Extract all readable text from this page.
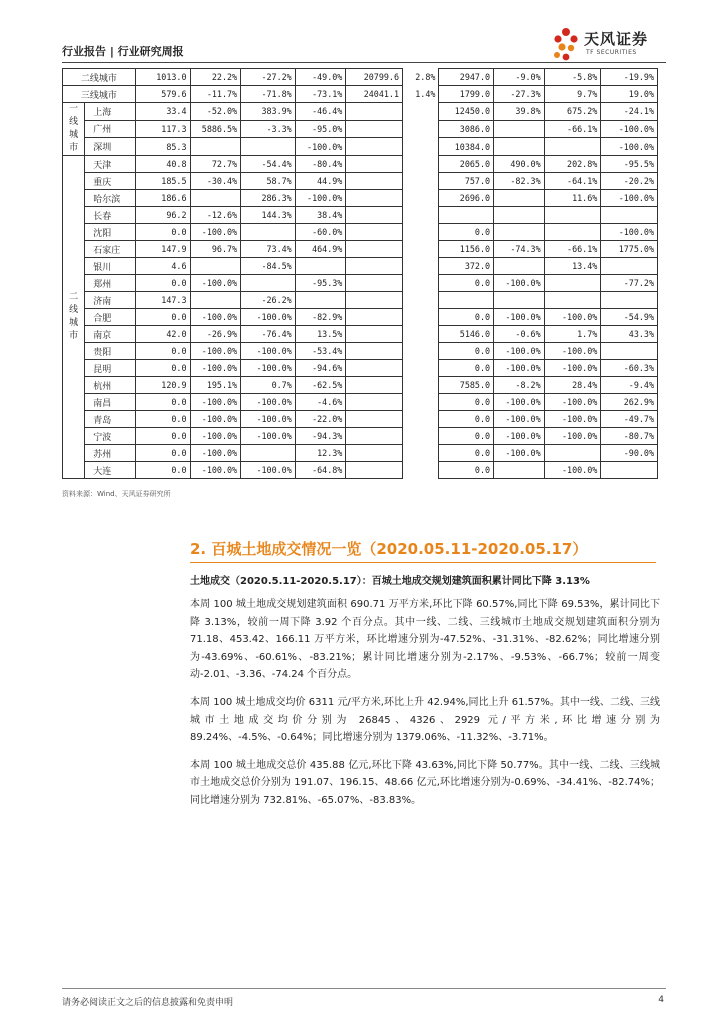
行业报告 | 行业研究周报
天风证券
TF SECURITIES
二线城市		1013.0	22.2%	-27.2%	-49.0%	20799.6	2.8%	2947.0	-9.0%	-5.8%	-19.9%
三线城市		579.6	-11.7%	-71.8%	-73.1%	24041.1	1.4%	1799.0	-27.3%	9.7%	19.0%

一
线
城
市	上海	33.4	-52.0%	383.9%	-46.4%			12450.0	39.8%	675.2%	-24.1%
	广州	117.3	5886.5%	-3.3%	-95.0%			3086.0		-66.1%	-100.0%
	深圳	85.3			-100.0%			10384.0			-100.0%

二
线
城
市	天津	40.8	72.7%	-54.4%	-80.4%			2065.0	490.0%	202.8%	-95.5%
	重庆	185.5	-30.4%	58.7%	44.9%			757.0	-82.3%	-64.1%	-20.2%
	哈尔滨	186.6		286.3%	-100.0%			2696.0		11.6%	-100.0%
	长春	96.2	-12.6%	144.3%	38.4%						
	沈阳	0.0	-100.0%		-60.0%			0.0			-100.0%
	石家庄	147.9	96.7%	73.4%	464.9%			1156.0	-74.3%	-66.1%	1775.0%
	银川	4.6		-84.5%				372.0		13.4%	
	郑州	0.0	-100.0%		-95.3%			0.0	-100.0%		-77.2%
	济南	147.3		-26.2%							
	合肥	0.0	-100.0%	-100.0%	-82.9%			0.0	-100.0%	-100.0%	-54.9%
	南京	42.0	-26.9%	-76.4%	13.5%			5146.0	-0.6%	1.7%	43.3%
	贵阳	0.0	-100.0%	-100.0%	-53.4%			0.0	-100.0%	-100.0%	
	昆明	0.0	-100.0%	-100.0%	-94.6%			0.0	-100.0%	-100.0%	-60.3%
	杭州	120.9	195.1%	0.7%	-62.5%			7585.0	-8.2%	28.4%	-9.4%
	南昌	0.0	-100.0%	-100.0%	-4.6%			0.0	-100.0%	-100.0%	262.9%
	青岛	0.0	-100.0%	-100.0%	-22.0%			0.0	-100.0%	-100.0%	-49.7%
	宁波	0.0	-100.0%	-100.0%	-94.3%			0.0	-100.0%	-100.0%	-80.7%
	苏州	0.0	-100.0%		12.3%			0.0	-100.0%		-90.0%
	大连	0.0	-100.0%	-100.0%	-64.8%			0.0		-100.0%	
资料来源：Wind、天风证券研究所
2. 百城土地成交情况一览（2020.05.11-2020.05.17）
土地成交（2020.5.11-2020.5.17）：百城土地成交规划建筑面积累计同比下降 3.13%

本周 100 城土地成交规划建筑面积 690.71 万平方米,环比下降 60.57%,同比下降 69.53%，累计同比下降 3.13%，较前一周下降 3.92 个百分点。其中一线、二线、三线城市土地成交规划建筑面积分别为 71.18、453.42、166.11 万平方米，环比增速分别为-47.52%、-31.31%、-82.62%；同比增速分别为-43.69%、-60.61%、-83.21%；累计同比增速分别为-2.17%、-9.53%、-66.7%；较前一周变动-2.01、-3.36、-74.24 个百分点。

本周 100 城土地成交均价 6311 元/平方米,环比上升 42.94%,同比上升 61.57%。其中一线、二线、三线城市土地成交均价分别为 26845、4326、2929 元/平方米,环比增速分别为 89.24%、-4.5%、-0.64%；同比增速分别为 1379.06%、-11.32%、-3.71%。

本周 100 城土地成交总价 435.88 亿元,环比下降 43.63%,同比下降 50.77%。其中一线、二线、三线城市土地成交总价分别为 191.07、196.15、48.66 亿元,环比增速分别为-0.69%、-34.41%、-82.74%；同比增速分别为 732.81%、-65.07%、-83.83%。

请务必阅读正文之后的信息披露和免责申明	4
